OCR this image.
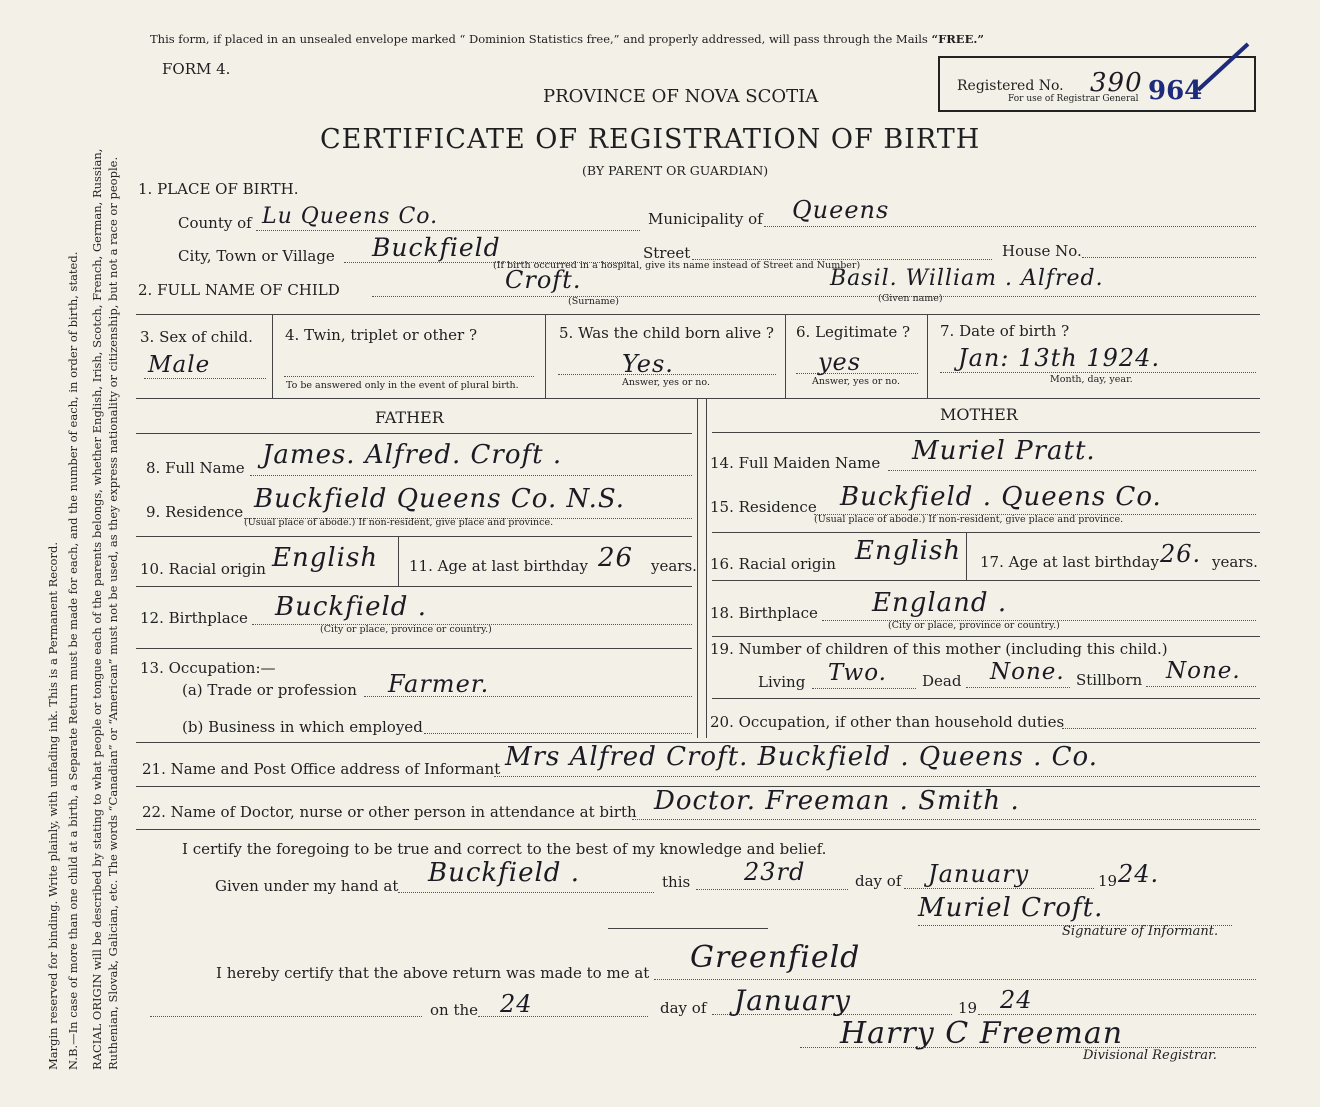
Margin reserved for binding. Write plainly, with unfading ink. This is a Permanent Record. N.B.—In case of more than one child at a birth, a Separate Return must be made for each, and the number of each, in order of birth, stated. RACIAL ORIGIN will be described by stating to what people or tongue each of the parents belongs, whether English, Irish, Scotch, French, German, Russian, Ruthenian, Slovak, Galician, etc. The words “Canadian” or “American” must not be used, as they express nationality or citizenship, but not a race or people.
This form, if placed in an unsealed envelope marked “ Dominion Statistics free,” and properly addressed, will pass through the Mails “FREE.”
FORM 4.
PROVINCE OF NOVA SCOTIA
CERTIFICATE OF REGISTRATION OF BIRTH
(BY PARENT OR GUARDIAN)
Registered No.
For use of Registrar General
390 964
1. PLACE OF BIRTH.
County of Lu Queens Co.	Municipality of Queens
City, Town or Village Buckfield	Street
(If birth occurred in a hospital, give its name instead of Street and Number)
House No.
2. FULL NAME OF CHILD	Croft.
(Surname)
Basil. William . Alfred.
(Given name)
3. Sex of child.
Male
4. Twin, triplet or other ?
To be answered only in the event of plural birth.
5. Was the child born alive ?
Yes.
Answer, yes or no.
6. Legitimate ?
yes
Answer, yes or no.
7. Date of birth ?
Jan: 13th 1924.
Month, day, year.
FATHER	MOTHER
8. Full Name James. Alfred. Croft .
9. Residence Buckfield Queens Co. N.S.
(Usual place of abode.) If non-resident, give place and province.
10. Racial origin English 11. Age at last birthday 26 years.
12. Birthplace Buckfield .
(City or place, province or country.)
13. Occupation:—
(a) Trade or profession Farmer.
(b) Business in which employed
14. Full Maiden Name Muriel Pratt.
15. Residence Buckfield . Queens Co.
(Usual place of abode.) If non-resident, give place and province.
16. Racial origin English 17. Age at last birthday 26. years.
18. Birthplace England .
(City or place, province or country.)
19. Number of children of this mother (including this child.)
Living Two. Dead None. Stillborn None.
20. Occupation, if other than household duties
21. Name and Post Office address of Informant Mrs Alfred Croft. Buckfield . Queens . Co.
22. Name of Doctor, nurse or other person in attendance at birth Doctor. Freeman . Smith .
I certify the foregoing to be true and correct to the best of my knowledge and belief.
Given under my hand at Buckfield .	this 23rd	day of January	19 24.
Muriel Croft.
Signature of Informant.
I hereby certify that the above return was made to me at Greenfield
on the 24	day of January	19 24
Harry C Freeman
Divisional Registrar.
